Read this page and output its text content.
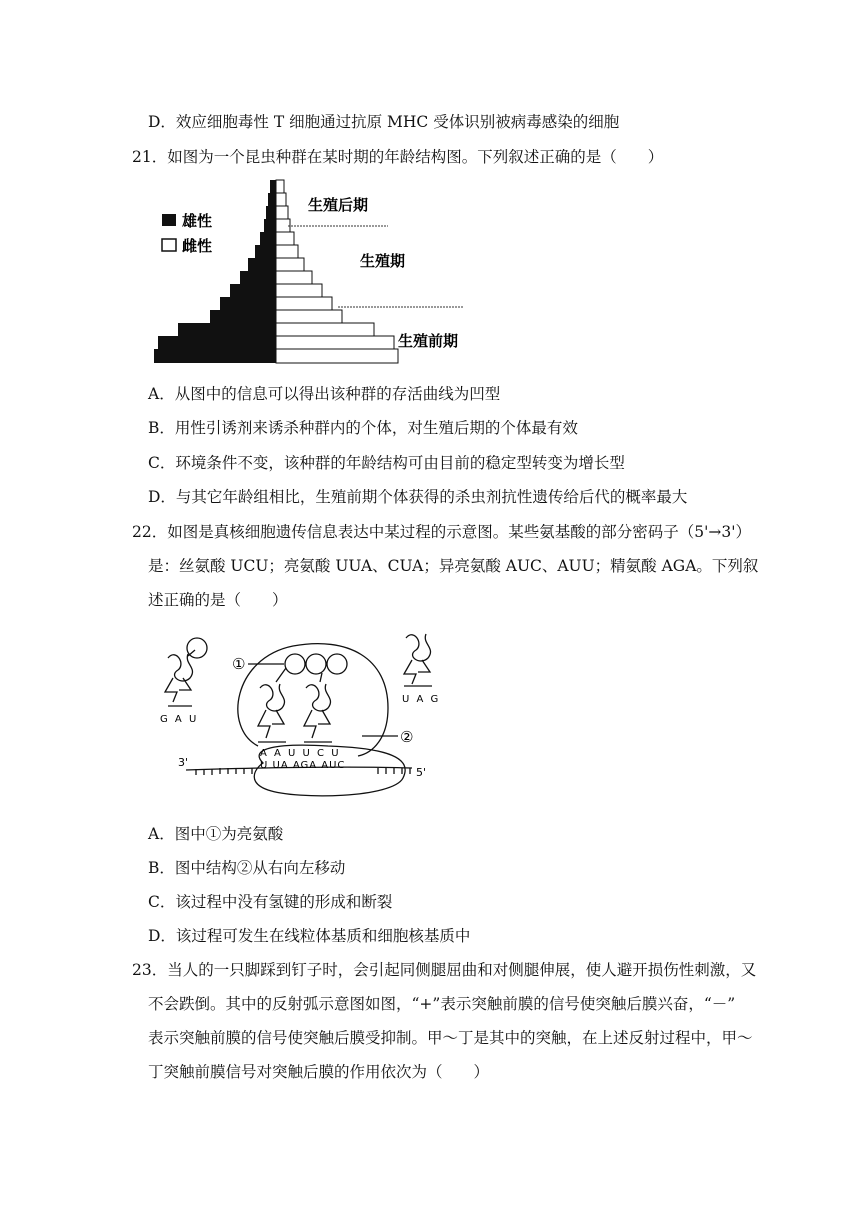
D．效应细胞毒性 T 细胞通过抗原 MHC 受体识别被病毒感染的细胞
21．如图为一个昆虫种群在某时期的年龄结构图。下列叙述正确的是（　　）
雄性
雌性
生殖后期
生殖期
生殖前期
A．从图中的信息可以得出该种群的存活曲线为凹型
B．用性引诱剂来诱杀种群内的个体，对生殖后期的个体最有效
C．环境条件不变，该种群的年龄结构可由目前的稳定型转变为增长型
D．与其它年龄组相比，生殖前期个体获得的杀虫剂抗性遗传给后代的概率最大
22．如图是真核细胞遗传信息表达中某过程的示意图。某些氨基酸的部分密码子（5'→3'）
是：丝氨酸 UCU；亮氨酸 UUA、CUA；异亮氨酸 AUC、AUU；精氨酸 AGA。下列叙
述正确的是（　　）
①
②
3'
5'
G A U
U A G
A A U U C U
U UA AGA AUC
A．图中①为亮氨酸
B．图中结构②从右向左移动
C．该过程中没有氢键的形成和断裂
D．该过程可发生在线粒体基质和细胞核基质中
23．当人的一只脚踩到钉子时，会引起同侧腿屈曲和对侧腿伸展，使人避开损伤性刺激，又
不会跌倒。其中的反射弧示意图如图，“+”表示突触前膜的信号使突触后膜兴奋，“－”
表示突触前膜的信号使突触后膜受抑制。甲～丁是其中的突触，在上述反射过程中，甲～
丁突触前膜信号对突触后膜的作用依次为（　　）
